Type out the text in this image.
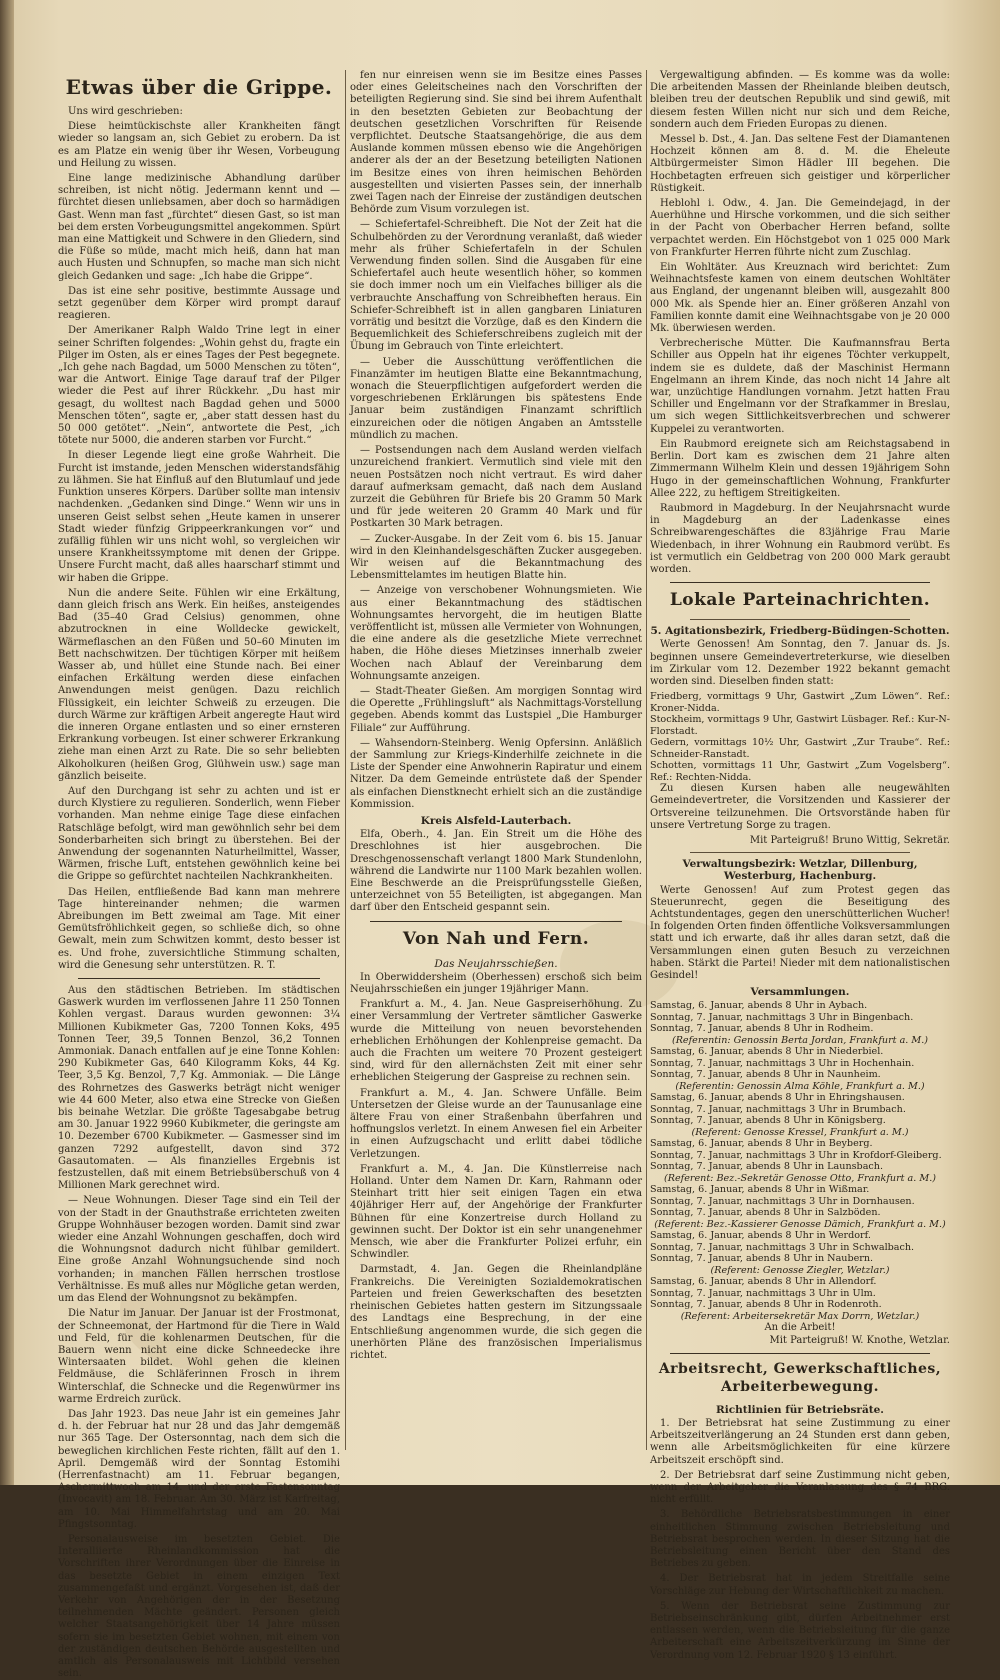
Etwas über die Grippe.

Uns wird geschrieben:

Diese heimtückischste aller Krankheiten fängt wieder so langsam an, sich Gebiet zu erobern. Da ist es am Platze ein wenig über ihr Wesen, Vorbeugung und Heilung zu wissen.

Eine lange medizinische Abhandlung darüber schreiben, ist nicht nötig. Jedermann kennt und — fürchtet diesen unliebsamen, aber doch so harmädigen Gast. Wenn man fast „fürchtet“ diesen Gast, so ist man bei dem ersten Vorbeugungsmittel angekommen. Spürt man eine Mattigkeit und Schwere in den Gliedern, sind die Füße so müde, macht mich heiß, dann hat man auch Husten und Schnupfen, so mache man sich nicht gleich Gedanken und sage: „Ich habe die Grippe“.

Das ist eine sehr positive, bestimmte Aussage und setzt gegenüber dem Körper wird prompt darauf reagieren.

Der Amerikaner Ralph Waldo Trine legt in einer seiner Schriften folgendes: „Wohin gehst du, fragte ein Pilger im Osten, als er eines Tages der Pest begegnete. „Ich gehe nach Bagdad, um 5000 Menschen zu töten“, war die Antwort. Einige Tage darauf traf der Pilger wieder die Pest auf ihrer Rückkehr. „Du hast mir gesagt, du wolltest nach Bagdad gehen und 5000 Menschen töten“, sagte er, „aber statt dessen hast du 50 000 getötet“. „Nein“, antwortete die Pest, „ich tötete nur 5000, die anderen starben vor Furcht.“

In dieser Legende liegt eine große Wahrheit. Die Furcht ist imstande, jeden Menschen widerstandsfähig zu lähmen. Sie hat Einfluß auf den Blutumlauf und jede Funktion unseres Körpers. Darüber sollte man intensiv nachdenken. „Gedanken sind Dinge.“ Wenn wir uns in unseren Geist selbst sehen „Heute kamen in unserer Stadt wieder fünfzig Grippeerkrankungen vor“ und zufällig fühlen wir uns nicht wohl, so vergleichen wir unsere Krankheitssymptome mit denen der Grippe. Unsere Furcht macht, daß alles haarscharf stimmt und wir haben die Grippe.

Nun die andere Seite. Fühlen wir eine Erkältung, dann gleich frisch ans Werk. Ein heißes, ansteigendes Bad (35–40 Grad Celsius) genommen, ohne abzutrocknen in eine Wolldecke gewickelt, Wärmeflaschen an den Füßen und 50–60 Minuten im Bett nachschwitzen. Der tüchtigen Körper mit heißem Wasser ab, und hüllet eine Stunde nach. Bei einer einfachen Erkältung werden diese einfachen Anwendungen meist genügen. Dazu reichlich Flüssigkeit, ein leichter Schweiß zu erzeugen. Die durch Wärme zur kräftigen Arbeit angeregte Haut wird die inneren Organe entlasten und so einer ernsteren Erkrankung vorbeugen. Ist einer schwerer Erkrankung ziehe man einen Arzt zu Rate. Die so sehr beliebten Alkoholkuren (heißen Grog, Glühwein usw.) sage man gänzlich beiseite.

Auf den Durchgang ist sehr zu achten und ist er durch Klystiere zu regulieren. Sonderlich, wenn Fieber vorhanden. Man nehme einige Tage diese einfachen Ratschläge befolgt, wird man gewöhnlich sehr bei dem Sonderbarheiten sich bringt zu überstehen. Bei der Anwendung der sogenannten Naturheilmittel, Wasser, Wärmen, frische Luft, entstehen gewöhnlich keine bei die Grippe so gefürchtet nachteilen Nachkrankheiten.

Das Heilen, entfließende Bad kann man mehrere Tage hintereinander nehmen; die warmen Abreibungen im Bett zweimal am Tage. Mit einer Gemütsfröhlichkeit gegen, so schließe dich, so ohne Gewalt, mein zum Schwitzen kommt, desto besser ist es. Und frohe, zuversichtliche Stimmung schalten, wird die Genesung sehr unterstützen. R. T.

Aus den städtischen Betrieben. Im städtischen Gaswerk wurden im verflossenen Jahre 11 250 Tonnen Kohlen vergast. Daraus wurden gewonnen: 3¼ Millionen Kubikmeter Gas, 7200 Tonnen Koks, 495 Tonnen Teer, 39,5 Tonnen Benzol, 36,2 Tonnen Ammoniak. Danach entfallen auf je eine Tonne Kohlen: 290 Kubikmeter Gas, 640 Kilogramm Koks, 44 Kg. Teer, 3,5 Kg. Benzol, 7,7 Kg. Ammoniak. — Die Länge des Rohrnetzes des Gaswerks beträgt nicht weniger wie 44 600 Meter, also etwa eine Strecke von Gießen bis beinahe Wetzlar. Die größte Tagesabgabe betrug am 30. Januar 1922 9960 Kubikmeter, die geringste am 10. Dezember 6700 Kubikmeter. — Gasmesser sind im ganzen 7292 aufgestellt, davon sind 372 Gasautomaten. — Als finanzielles Ergebnis ist festzustellen, daß mit einem Betriebsüberschuß von 4 Millionen Mark gerechnet wird.

— Neue Wohnungen. Dieser Tage sind ein Teil der von der Stadt in der Gnauthstraße errichteten zweiten Gruppe Wohnhäuser bezogen worden. Damit sind zwar wieder eine Anzahl Wohnungen geschaffen, doch wird die Wohnungsnot dadurch nicht fühlbar gemildert. Eine große Anzahl Wohnungsuchende sind noch vorhanden; in manchen Fällen herrschen trostlose Verhältnisse. Es muß alles nur Mögliche getan werden, um das Elend der Wohnungsnot zu bekämpfen.

Die Natur im Januar. Der Januar ist der Frostmonat, der Schneemonat, der Hartmond für die Tiere in Wald und Feld, für die kohlenarmen Deutschen, für die Bauern wenn nicht eine dicke Schneedecke ihre Wintersaaten bildet. Wohl gehen die kleinen Feldmäuse, die Schläferinnen Frosch in ihrem Winterschlaf, die Schnecke und die Regenwürmer ins warme Erdreich zurück.

Das Jahr 1923. Das neue Jahr ist ein gemeines Jahr d. h. der Februar hat nur 28 und das Jahr demgemäß nur 365 Tage. Der Ostersonntag, nach dem sich die beweglichen kirchlichen Feste richten, fällt auf den 1. April. Demgemäß wird der Sonntag Estomihi (Herrenfastnacht) am 11. Februar begangen, Aschermittwoch am 14. und der erste Fastensonntag (Invocavit) am 18. Februar. Am 30. März ist Karfreitag, am 10. Mai Himmelfahrtstag und am 20. Mai Pfingstsonntag.

Personalausweise im besetzten Gebiet. Die Interalliierte Rheinlandkommission hat die Vorschriften ihrer Verordnungen über die Einreise in das besetzte Gebiet in einem einzigen Text zusammengefaßt und ergänzt. Vorgesehen ist, daß der Verkehr von Angehörigen der in der Besetzung teilnehmenden Mächte geändert. Personen gleich welcher Staatsangehörigkeit über 14 Jahre müssen sofern sie im besetzten Gebiet wohnen, mit einem von der zuständigen deutschen Behörde ausgestellten und amtlich als Personalausweis mit Lichtbild versehen sein.

fen nur einreisen wenn sie im Besitze eines Passes oder eines Geleitscheines nach den Vorschriften der beteiligten Regierung sind. Sie sind bei ihrem Aufenthalt in den besetzten Gebieten zur Beobachtung der deutschen gesetzlichen Vorschriften für Reisende verpflichtet. Deutsche Staatsangehörige, die aus dem Auslande kommen müssen ebenso wie die Angehörigen anderer als der an der Besetzung beteiligten Nationen im Besitze eines von ihren heimischen Behörden ausgestellten und visierten Passes sein, der innerhalb zwei Tagen nach der Einreise der zuständigen deutschen Behörde zum Visum vorzulegen ist.

— Schiefertafel-Schreibheft. Die Not der Zeit hat die Schulbehörden zu der Verordnung veranlaßt, daß wieder mehr als früher Schiefertafeln in der Schulen Verwendung finden sollen. Sind die Ausgaben für eine Schiefertafel auch heute wesentlich höher, so kommen sie doch immer noch um ein Vielfaches billiger als die verbrauchte Anschaffung von Schreibheften heraus. Ein Schiefer-Schreibheft ist in allen gangbaren Liniaturen vorrätig und besitzt die Vorzüge, daß es den Kindern die Bequemlichkeit des Schieferschreibens zugleich mit der Übung im Gebrauch von Tinte erleichtert.

— Ueber die Ausschüttung veröffentlichen die Finanzämter im heutigen Blatte eine Bekanntmachung, wonach die Steuerpflichtigen aufgefordert werden die vorgeschriebenen Erklärungen bis spätestens Ende Januar beim zuständigen Finanzamt schriftlich einzureichen oder die nötigen Angaben an Amtsstelle mündlich zu machen.

— Postsendungen nach dem Ausland werden vielfach unzureichend frankiert. Vermutlich sind viele mit den neuen Postsätzen noch nicht vertraut. Es wird daher darauf aufmerksam gemacht, daß nach dem Ausland zurzeit die Gebühren für Briefe bis 20 Gramm 50 Mark und für jede weiteren 20 Gramm 40 Mark und für Postkarten 30 Mark betragen.

— Zucker-Ausgabe. In der Zeit vom 6. bis 15. Januar wird in den Kleinhandelsgeschäften Zucker ausgegeben. Wir weisen auf die Bekanntmachung des Lebensmittelamtes im heutigen Blatte hin.

— Anzeige von verschobener Wohnungsmieten. Wie aus einer Bekanntmachung des städtischen Wohnungsamtes hervorgeht, die im heutigen Blatte veröffentlicht ist, müssen alle Vermieter von Wohnungen, die eine andere als die gesetzliche Miete verrechnet haben, die Höhe dieses Mietzinses innerhalb zweier Wochen nach Ablauf der Vereinbarung dem Wohnungsamte anzeigen.

— Stadt-Theater Gießen. Am morgigen Sonntag wird die Operette „Frühlingsluft“ als Nachmittags-Vorstellung gegeben. Abends kommt das Lustspiel „Die Hamburger Filiale“ zur Aufführung.

— Wahsendorn-Steinberg. Wenig Opfersinn. Anläßlich der Sammlung zur Kriegs-Kinderhilfe zeichnete in die Liste der Spender eine Anwohnerin Rapiratur und einem Nitzer. Da dem Gemeinde entrüstete daß der Spender als einfachen Dienstknecht erhielt sich an die zuständige Kommission.

Kreis Alsfeld-Lauterbach.

Elfa, Oberh., 4. Jan. Ein Streit um die Höhe des Dreschlohnes ist hier ausgebrochen. Die Dreschgenossenschaft verlangt 1800 Mark Stundenlohn, während die Landwirte nur 1100 Mark bezahlen wollen. Eine Beschwerde an die Preisprüfungsstelle Gießen, unterzeichnet von 55 Beteiligten, ist abgegangen. Man darf über den Entscheid gespannt sein.

Von Nah und Fern.
Das Neujahrsschießen.

In Oberwiddersheim (Oberhessen) erschoß sich beim Neujahrsschießen ein junger 19jähriger Mann.

Frankfurt a. M., 4. Jan. Neue Gaspreiserhöhung. Zu einer Versammlung der Vertreter sämtlicher Gaswerke wurde die Mitteilung von neuen bevorstehenden erheblichen Erhöhungen der Kohlenpreise gemacht. Da auch die Frachten um weitere 70 Prozent gesteigert sind, wird für den allernächsten Zeit mit einer sehr erheblichen Steigerung der Gaspreise zu rechnen sein.

Frankfurt a. M., 4. Jan. Schwere Unfälle. Beim Untersetzen der Gleise wurde an der Taunusanlage eine ältere Frau von einer Straßenbahn überfahren und hoffnungslos verletzt. In einem Anwesen fiel ein Arbeiter in einen Aufzugschacht und erlitt dabei tödliche Verletzungen.

Frankfurt a. M., 4. Jan. Die Künstlerreise nach Holland. Unter dem Namen Dr. Karn, Rahmann oder Steinhart tritt hier seit einigen Tagen ein etwa 40jähriger Herr auf, der Angehörige der Frankfurter Bühnen für eine Konzertreise durch Holland zu gewinnen sucht. Der Doktor ist ein sehr unangenehmer Mensch, wie aber die Frankfurter Polizei erfuhr, ein Schwindler.

Darmstadt, 4. Jan. Gegen die Rheinlandpläne Frankreichs. Die Vereinigten Sozialdemokratischen Parteien und freien Gewerkschaften des besetzten rheinischen Gebietes hatten gestern im Sitzungssaale des Landtags eine Besprechung, in der eine Entschließung angenommen wurde, die sich gegen die unerhörten Pläne des französischen Imperialismus richtet.

Vergewaltigung abfinden. — Es komme was da wolle: Die arbeitenden Massen der Rheinlande bleiben deutsch, bleiben treu der deutschen Republik und sind gewiß, mit diesem festen Willen nicht nur sich und dem Reiche, sondern auch dem Frieden Europas zu dienen.

Messel b. Dst., 4. Jan. Das seltene Fest der Diamantenen Hochzeit können am 8. d. M. die Eheleute Altbürgermeister Simon Hädler III begehen. Die Hochbetagten erfreuen sich geistiger und körperlicher Rüstigkeit.

Heblohl i. Odw., 4. Jan. Die Gemeindejagd, in der Auerhühne und Hirsche vorkommen, und die sich seither in der Pacht von Oberbacher Herren befand, sollte verpachtet werden. Ein Höchstgebot von 1 025 000 Mark von Frankfurter Herren führte nicht zum Zuschlag.

Ein Wohltäter. Aus Kreuznach wird berichtet: Zum Weihnachtsfeste kamen von einem deutschen Wohltäter aus England, der ungenannt bleiben will, ausgezahlt 800 000 Mk. als Spende hier an. Einer größeren Anzahl von Familien konnte damit eine Weihnachtsgabe von je 20 000 Mk. überwiesen werden.

Verbrecherische Mütter. Die Kaufmannsfrau Berta Schiller aus Oppeln hat ihr eigenes Töchter verkuppelt, indem sie es duldete, daß der Maschinist Hermann Engelmann an ihrem Kinde, das noch nicht 14 Jahre alt war, unzüchtige Handlungen vornahm. Jetzt hatten Frau Schiller und Engelmann vor der Strafkammer in Breslau, um sich wegen Sittlichkeitsverbrechen und schwerer Kuppelei zu verantworten.

Ein Raubmord ereignete sich am Reichstagsabend in Berlin. Dort kam es zwischen dem 21 Jahre alten Zimmermann Wilhelm Klein und dessen 19jährigem Sohn Hugo in der gemeinschaftlichen Wohnung, Frankfurter Allee 222, zu heftigem Streitigkeiten.

Raubmord in Magdeburg. In der Neujahrsnacht wurde in Magdeburg an der Ladenkasse eines Schreibwarengeschäftes die 83jährige Frau Marie Wiedenbach, in ihrer Wohnung ein Raubmord verübt. Es ist vermutlich ein Geldbetrag von 200 000 Mark geraubt worden.

Lokale Parteinachrichten.
5. Agitationsbezirk, Friedberg-Büdingen-Schotten.

Werte Genossen! Am Sonntag, den 7. Januar ds. Js. beginnen unsere Gemeindevertreterkurse, wie dieselben im Zirkular vom 12. Dezember 1922 bekannt gemacht worden sind. Dieselben finden statt:

Friedberg, vormittags 9 Uhr, Gastwirt „Zum Löwen“. Ref.: Kroner-Nidda.
Stockheim, vormittags 9 Uhr, Gastwirt Lüsbager. Ref.: Kur-N-Florstadt.
Gedern, vormittags 10½ Uhr, Gastwirt „Zur Traube“. Ref.: Schneider-Ranstadt.
Schotten, vormittags 11 Uhr, Gastwirt „Zum Vogelsberg“. Ref.: Rechten-Nidda.

Zu diesen Kursen haben alle neugewählten Gemeindevertreter, die Vorsitzenden und Kassierer der Ortsvereine teilzunehmen. Die Ortsvorstände haben für unsere Vertretung Sorge zu tragen.

Mit Parteigruß! Bruno Wittig, Sekretär.
Verwaltungsbezirk: Wetzlar, Dillenburg, Westerburg, Hachenburg.

Werte Genossen! Auf zum Protest gegen das Steuerunrecht, gegen die Beseitigung des Achtstundentages, gegen den unerschütterlichen Wucher! In folgenden Orten finden öffentliche Volksversammlungen statt und ich erwarte, daß ihr alles daran setzt, daß die Versammlungen einen guten Besuch zu verzeichnen haben. Stärkt die Partei! Nieder mit dem nationalistischen Gesindel!

Versammlungen.
Samstag, 6. Januar, abends 8 Uhr in Aybach.
Sonntag, 7. Januar, nachmittags 3 Uhr in Bingenbach.
Sonntag, 7. Januar, abends 8 Uhr in Rodheim.
(Referentin: Genossin Berta Jordan, Frankfurt a. M.)
Samstag, 6. Januar, abends 8 Uhr in Niederbiel.
Sonntag, 7. Januar, nachmittags 3 Uhr in Hochenhain.
Sonntag, 7. Januar, abends 8 Uhr in Naunheim.
(Referentin: Genossin Alma Köhle, Frankfurt a. M.)
Samstag, 6. Januar, abends 8 Uhr in Ehringshausen.
Sonntag, 7. Januar, nachmittags 3 Uhr in Brumbach.
Sonntag, 7. Januar, abends 8 Uhr in Königsberg.
(Referent: Genosse Kressel, Frankfurt a. M.)
Samstag, 6. Januar, abends 8 Uhr in Beyberg.
Sonntag, 7. Januar, nachmittags 3 Uhr in Krofdorf-Gleiberg.
Sonntag, 7. Januar, abends 8 Uhr in Launsbach.
(Referent: Bez.-Sekretär Genosse Otto, Frankfurt a. M.)
Samstag, 6. Januar, abends 8 Uhr in Wißmar.
Sonntag, 7. Januar, nachmittags 3 Uhr in Dornhausen.
Sonntag, 7. Januar, abends 8 Uhr in Salzböden.
(Referent: Bez.-Kassierer Genosse Dämich, Frankfurt a. M.)
Samstag, 6. Januar, abends 8 Uhr in Werdorf.
Sonntag, 7. Januar, nachmittags 3 Uhr in Schwalbach.
Sonntag, 7. Januar, abends 8 Uhr in Naubern.
(Referent: Genosse Ziegler, Wetzlar.)
Samstag, 6. Januar, abends 8 Uhr in Allendorf.
Sonntag, 7. Januar, nachmittags 3 Uhr in Ulm.
Sonntag, 7. Januar, abends 8 Uhr in Rodenroth.
(Referent: Arbeitersekretär Max Dorrn, Wetzlar.)
An die Arbeit!
Mit Parteigruß! W. Knothe, Wetzlar.
Arbeitsrecht, Gewerkschaftliches, Arbeiterbewegung.
Richtlinien für Betriebsräte.

1. Der Betriebsrat hat seine Zustimmung zu einer Arbeitszeitverlängerung an 24 Stunden erst dann geben, wenn alle Arbeitsmöglichkeiten für eine kürzere Arbeitszeit erschöpft sind.

2. Der Betriebsrat darf seine Zustimmung nicht geben, wenn der Arbeitgeber die Veranlassung des § 74 BRG. nicht erfüllt.

3. Behördliche Betriebsratsbestimmungen in einer einheitlichen Stimmung zwischen Betriebsleitung und Betriebsrat besprochen werden. In dieser Sitzung hat die Betriebsleitung einen Bericht über den Stand des Betriebes zu geben.

4. Der Betriebsrat hat in jedem Streitfalle seine Vorschläge zur Hebung der Wirtschaftlichkeit zu machen.

5. Wenn der Betriebsrat seine Zustimmung zur Betriebseinschränkung gibt, dürfen Arbeitnehmer erst entlassen werden, wenn die Betriebsleitung für die ganze Arbeiterschaft eine Arbeitszeitverkürzung im Sinne der Verordnung vom 12. Februar 1920 § 13 einführt.
